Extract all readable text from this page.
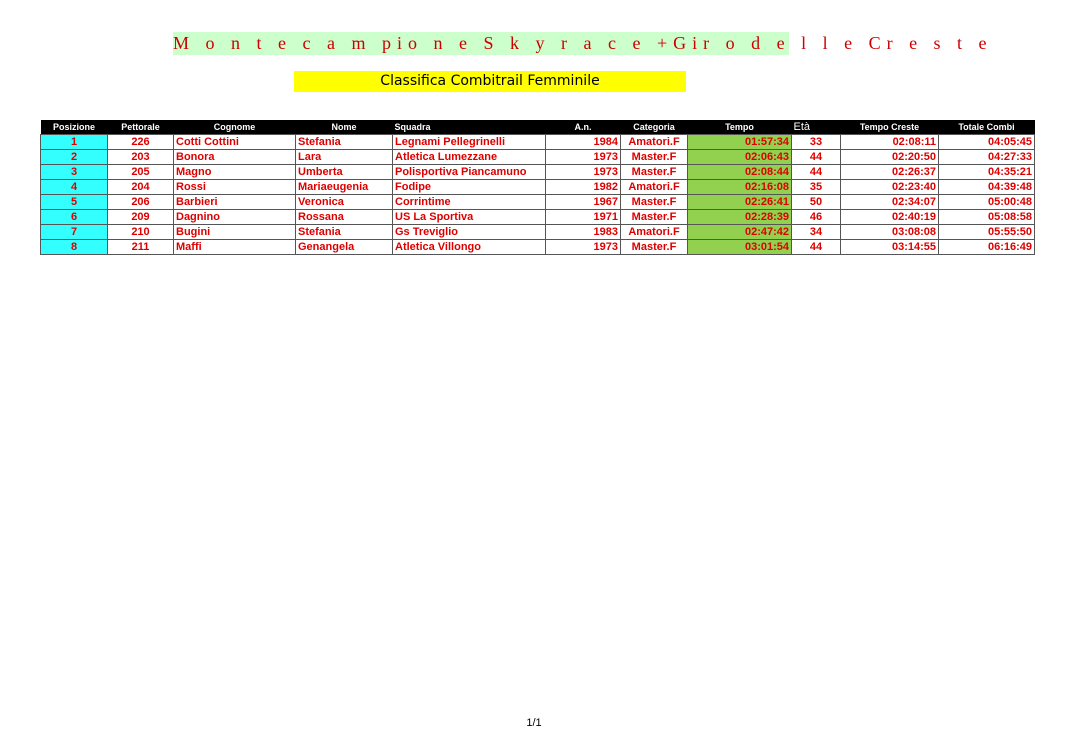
M o n t e c a m pio n e S k y r a c e +Gir o d e l l e Cr e s t e
Classifica Combitrail Femminile
Posizione	Pettorale	Cognome	Nome	Squadra	A.n.	Categoria	Tempo	Età	Tempo Creste	Totale Combi
1	226	Cotti Cottini	Stefania	Legnami Pellegrinelli	1984	Amatori.F	01:57:34	33	02:08:11	04:05:45
2	203	Bonora	Lara	Atletica Lumezzane	1973	Master.F	02:06:43	44	02:20:50	04:27:33
3	205	Magno	Umberta	Polisportiva Piancamuno	1973	Master.F	02:08:44	44	02:26:37	04:35:21
4	204	Rossi	Mariaeugenia	Fodipe	1982	Amatori.F	02:16:08	35	02:23:40	04:39:48
5	206	Barbieri	Veronica	Corrintime	1967	Master.F	02:26:41	50	02:34:07	05:00:48
6	209	Dagnino	Rossana	US La Sportiva	1971	Master.F	02:28:39	46	02:40:19	05:08:58
7	210	Bugini	Stefania	Gs Treviglio	1983	Amatori.F	02:47:42	34	03:08:08	05:55:50
8	211	Maffi	Genangela	Atletica Villongo	1973	Master.F	03:01:54	44	03:14:55	06:16:49
1/1
